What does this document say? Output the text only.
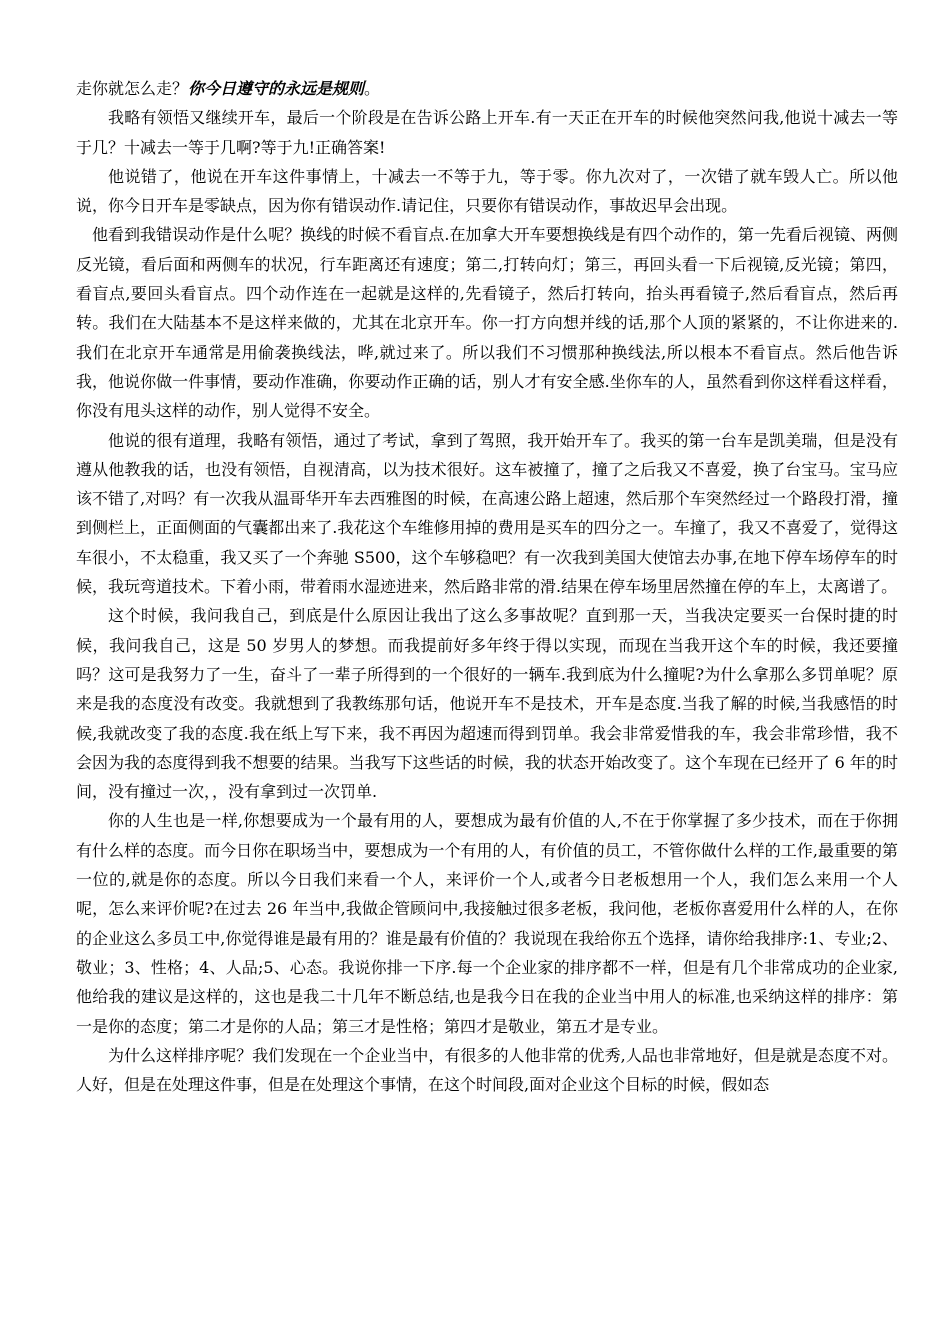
走你就怎么走？你今日遵守的永远是规则。

我略有领悟又继续开车，最后一个阶段是在告诉公路上开车.有一天正在开车的时候他突然问我,他说十减去一等于几？十减去一等于几啊?等于九!正确答案!

他说错了，他说在开车这件事情上，十减去一不等于九，等于零。你九次对了，一次错了就车毁人亡。所以他说，你今日开车是零缺点，因为你有错误动作.请记住，只要你有错误动作，事故迟早会出现。

他看到我错误动作是什么呢？换线的时候不看盲点.在加拿大开车要想换线是有四个动作的，第一先看后视镜、两侧反光镜，看后面和两侧车的状况，行车距离还有速度；第二,打转向灯；第三，再回头看一下后视镜,反光镜；第四，看盲点,要回头看盲点。四个动作连在一起就是这样的,先看镜子，然后打转向，抬头再看镜子,然后看盲点，然后再转。我们在大陆基本不是这样来做的，尤其在北京开车。你一打方向想并线的话,那个人顶的紧紧的，不让你进来的.我们在北京开车通常是用偷袭换线法，哗,就过来了。所以我们不习惯那种换线法,所以根本不看盲点。然后他告诉我，他说你做一件事情，要动作准确，你要动作正确的话，别人才有安全感.坐你车的人，虽然看到你这样看这样看，你没有甩头这样的动作，别人觉得不安全。

他说的很有道理，我略有领悟，通过了考试，拿到了驾照，我开始开车了。我买的第一台车是凯美瑞，但是没有遵从他教我的话，也没有领悟，自视清高，以为技术很好。这车被撞了，撞了之后我又不喜爱，换了台宝马。宝马应该不错了,对吗？有一次我从温哥华开车去西雅图的时候，在高速公路上超速，然后那个车突然经过一个路段打滑，撞到侧栏上，正面侧面的气囊都出来了.我花这个车维修用掉的费用是买车的四分之一。车撞了，我又不喜爱了，觉得这车很小，不太稳重，我又买了一个奔驰 S500，这个车够稳吧？有一次我到美国大使馆去办事,在地下停车场停车的时候，我玩弯道技术。下着小雨，带着雨水湿迹进来，然后路非常的滑.结果在停车场里居然撞在停的车上，太离谱了。

这个时候，我问我自己，到底是什么原因让我出了这么多事故呢？直到那一天，当我决定要买一台保时捷的时候，我问我自己，这是 50 岁男人的梦想。而我提前好多年终于得以实现，而现在当我开这个车的时候，我还要撞吗？这可是我努力了一生，奋斗了一辈子所得到的一个很好的一辆车.我到底为什么撞呢?为什么拿那么多罚单呢？原来是我的态度没有改变。我就想到了我教练那句话，他说开车不是技术，开车是态度.当我了解的时候,当我感悟的时候,我就改变了我的态度.我在纸上写下来，我不再因为超速而得到罚单。我会非常爱惜我的车，我会非常珍惜，我不会因为我的态度得到我不想要的结果。当我写下这些话的时候，我的状态开始改变了。这个车现在已经开了 6 年的时间，没有撞过一次，，没有拿到过一次罚单.

你的人生也是一样,你想要成为一个最有用的人，要想成为最有价值的人,不在于你掌握了多少技术，而在于你拥有什么样的态度。而今日你在职场当中，要想成为一个有用的人，有价值的员工，不管你做什么样的工作,最重要的第一位的,就是你的态度。所以今日我们来看一个人，来评价一个人,或者今日老板想用一个人，我们怎么来用一个人呢，怎么来评价呢?在过去 26 年当中,我做企管顾问中,我接触过很多老板，我问他，老板你喜爱用什么样的人，在你的企业这么多员工中,你觉得谁是最有用的？谁是最有价值的？我说现在我给你五个选择，请你给我排序:1、专业;2、敬业；3、性格；4、人品;5、心态。我说你排一下序.每一个企业家的排序都不一样，但是有几个非常成功的企业家,他给我的建议是这样的，这也是我二十几年不断总结,也是我今日在我的企业当中用人的标准,也采纳这样的排序：第一是你的态度；第二才是你的人品；第三才是性格；第四才是敬业，第五才是专业。

为什么这样排序呢？我们发现在一个企业当中，有很多的人他非常的优秀,人品也非常地好，但是就是态度不对。人好，但是在处理这件事，但是在处理这个事情，在这个时间段,面对企业这个目标的时候，假如态
